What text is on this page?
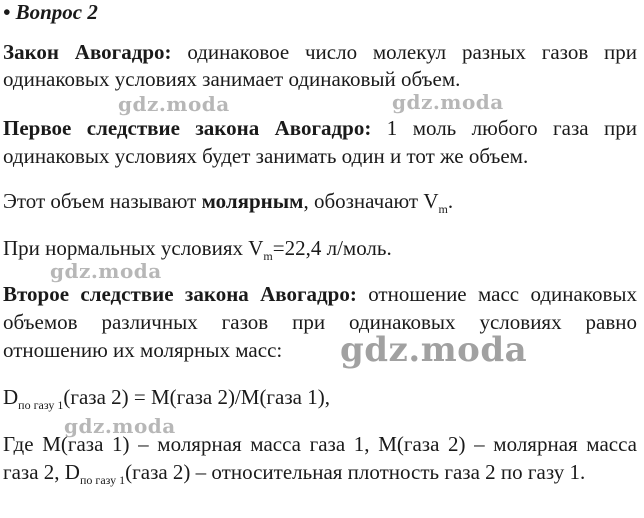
• Вопрос 2
Закон Авогадро: одинаковое число молекул разных газов при
одинаковых условиях занимает одинаковый объем.
Первое следствие закона Авогадро: 1 моль любого газа при
одинаковых условиях будет занимать один и тот же объем.
Этот объем называют молярным, обозначают $V_m$.
При нормальных условиях $V_m=22,4$ л/моль.
Второе следствие закона Авогадро: отношение масс одинаковых
объемов различных газов при одинаковых условиях равно
отношению их молярных масс:
$D_{по газу 1}(газа$ 2) = M(газа 2)/M(газа 1),
Где M(газа 1) – молярная масса газа 1, M(газа 2) – молярная масса
газа 2, $D_{по газу 1}(газа$ 2) – относительная плотность газа 2 по газу 1.
gdz.moda	gdz.moda
gdz.moda
gdz.moda
gdz.moda
